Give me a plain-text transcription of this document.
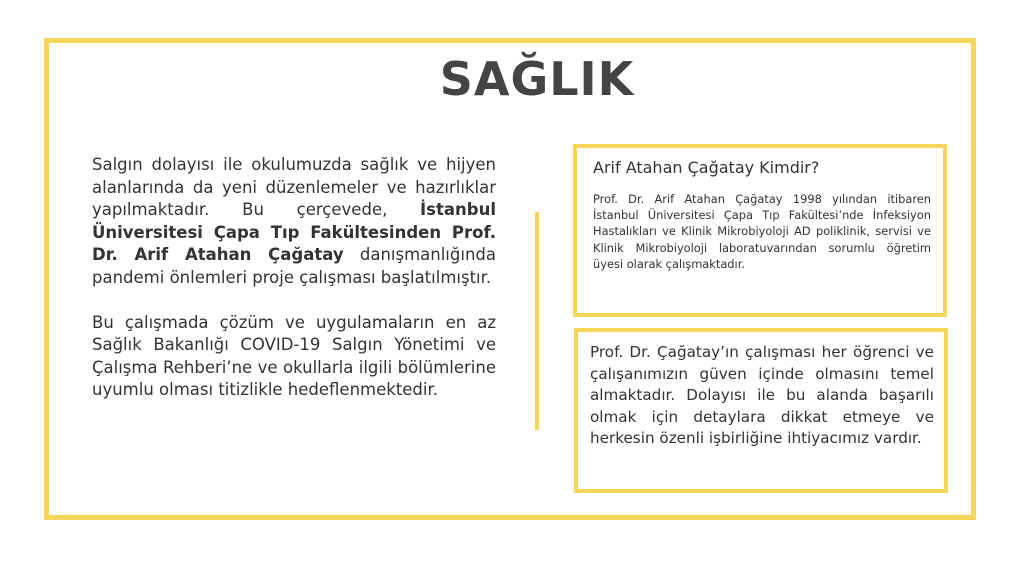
SAĞLIK

Salgın dolayısı ile okulumuzda sağlık ve hijyen alanlarında da yeni düzenlemeler ve hazırlıklar yapılmaktadır. Bu çerçevede, İstanbul Üniversitesi Çapa Tıp Fakültesinden Prof. Dr. Arif Atahan Çağatay danışmanlığında pandemi önlemleri proje çalışması başlatılmıştır.

Bu çalışmada çözüm ve uygulamaların en az Sağlık Bakanlığı COVID-19 Salgın Yönetimi ve Çalışma Rehberi’ne ve okullarla ilgili bölümlerine uyumlu olması titizlikle hedeflenmektedir.

Arif Atahan Çağatay Kimdir?
Prof. Dr. Arif Atahan Çağatay 1998 yılından itibaren İstanbul Üniversitesi Çapa Tıp Fakültesi’nde İnfeksiyon Hastalıkları ve Klinik Mikrobiyoloji AD poliklinik, servisi ve Klinik Mikrobiyoloji laboratuvarından sorumlu öğretim üyesi olarak çalışmaktadır.
Prof. Dr. Çağatay’ın çalışması her öğrenci ve çalışanımızın güven içinde olmasını temel almaktadır. Dolayısı ile bu alanda başarılı olmak için detaylara dikkat etmeye ve herkesin özenli işbirliğine ihtiyacımız vardır.
